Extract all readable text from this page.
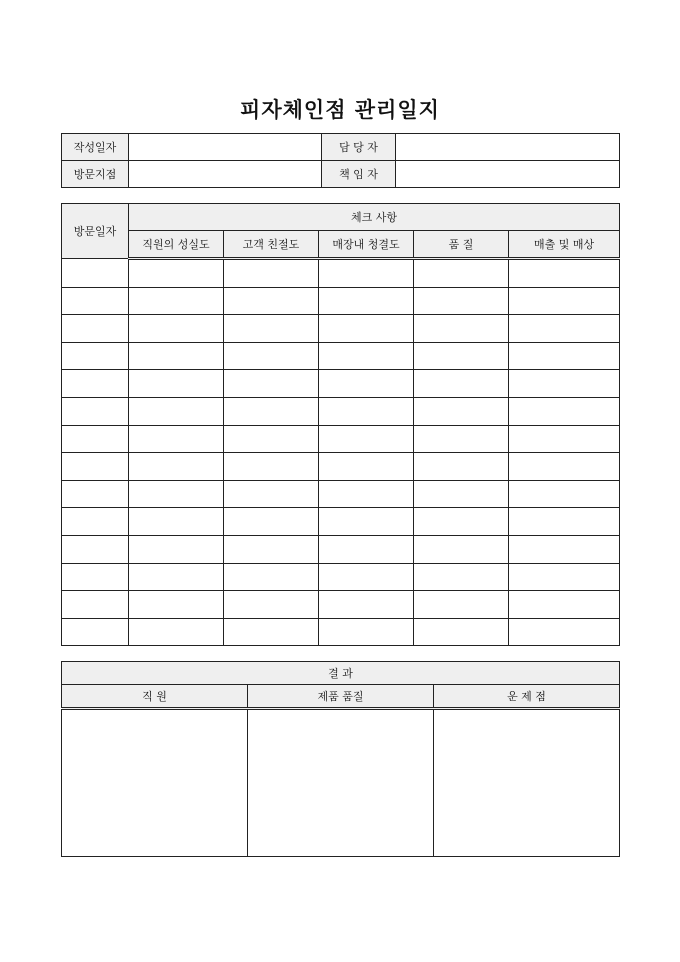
피자체인점 관리일지
작성일자		담 당 자	
방문지점		책 임 자	
방문일자	체크 사항				
	직원의 성실도	고객 친절도	매장내 청결도	품 질	매출 및 매상

결 과		
직 원	제품 품질	운 제 점
